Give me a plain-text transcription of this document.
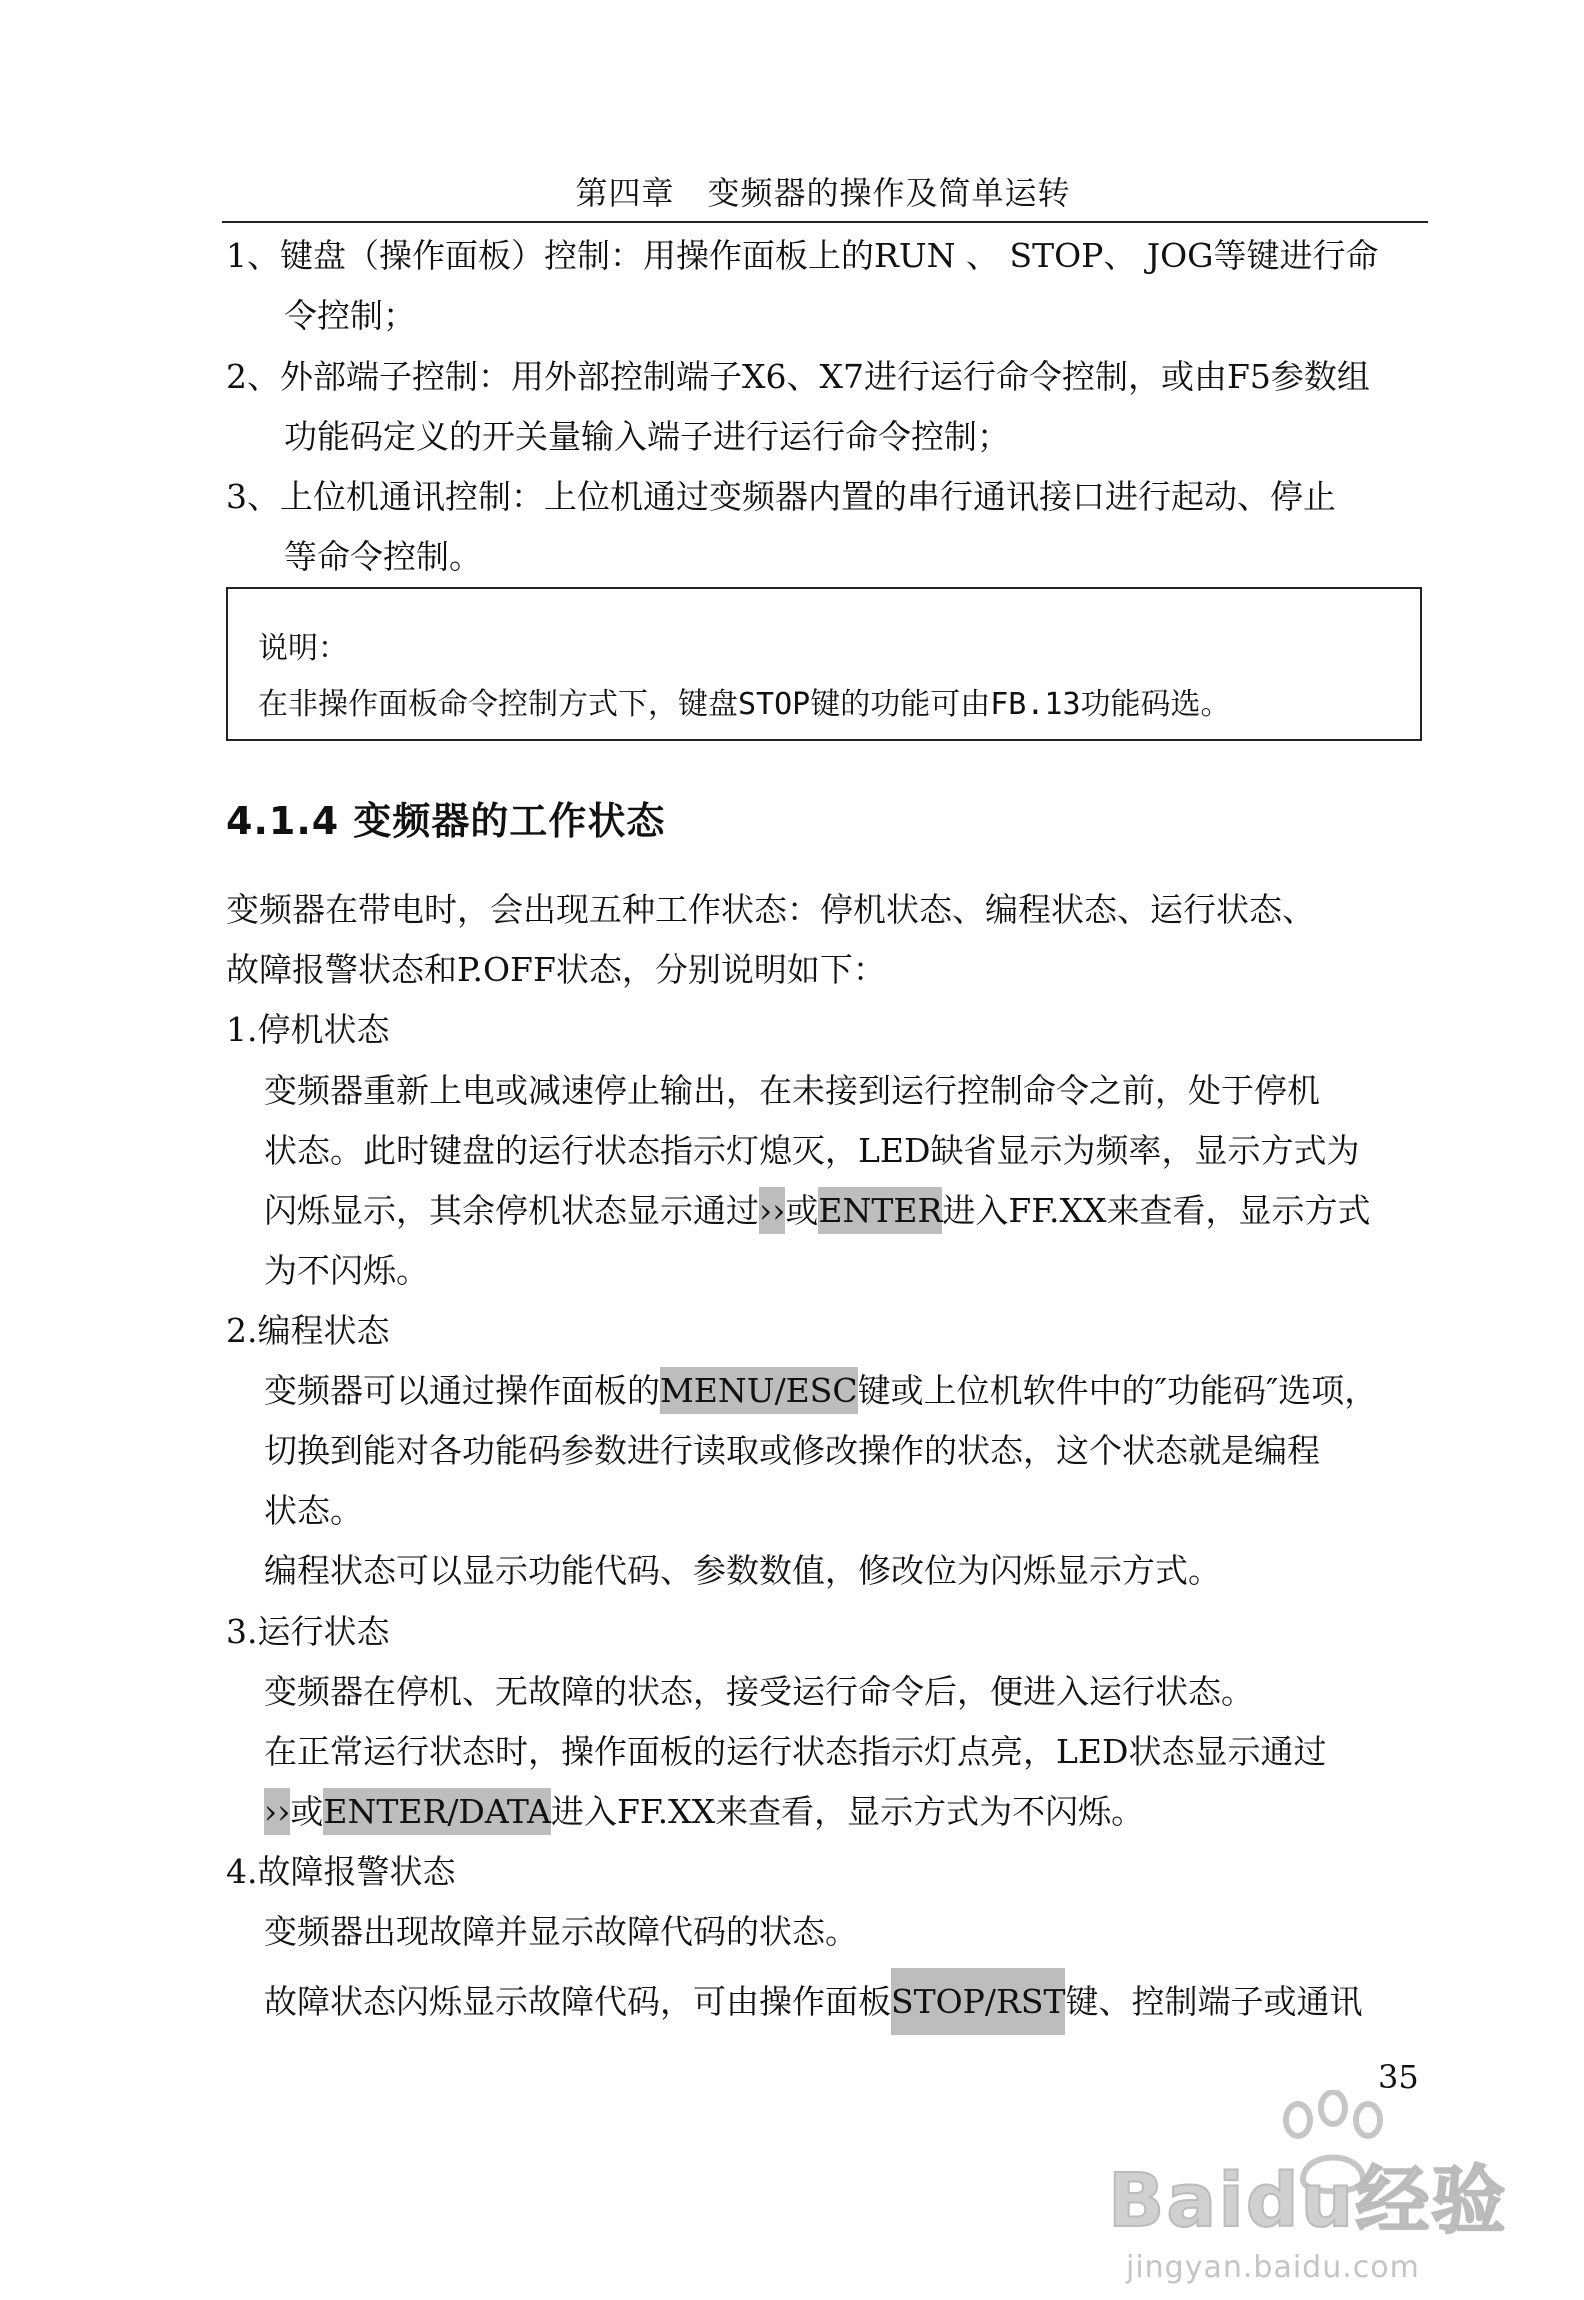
第四章　变频器的操作及简单运转
1、键盘（操作面板）控制：用操作面板上的RUN 、 STOP、 JOG等键进行命
令控制；
2、外部端子控制：用外部控制端子X6、X7进行运行命令控制，或由F5参数组
功能码定义的开关量输入端子进行运行命令控制；
3、上位机通讯控制：上位机通过变频器内置的串行通讯接口进行起动、停止
等命令控制。
说明：
在非操作面板命令控制方式下，键盘STOP键的功能可由FB.13功能码选。
4.1.4 变频器的工作状态
变频器在带电时，会出现五种工作状态：停机状态、编程状态、运行状态、
故障报警状态和P.OFF状态，分别说明如下：
1.停机状态
变频器重新上电或减速停止输出，在未接到运行控制命令之前，处于停机
状态。此时键盘的运行状态指示灯熄灭，LED缺省显示为频率，显示方式为
闪烁显示，其余停机状态显示通过››或ENTER进入FF.XX来查看，显示方式
为不闪烁。
2.编程状态
变频器可以通过操作面板的MENU/ESC键或上位机软件中的″功能码″选项，
切换到能对各功能码参数进行读取或修改操作的状态，这个状态就是编程
状态。
编程状态可以显示功能代码、参数数值，修改位为闪烁显示方式。
3.运行状态
变频器在停机、无故障的状态，接受运行命令后，便进入运行状态。
在正常运行状态时，操作面板的运行状态指示灯点亮，LED状态显示通过
››或ENTER/DATA进入FF.XX来查看，显示方式为不闪烁。
4.故障报警状态
变频器出现故障并显示故障代码的状态。
故障状态闪烁显示故障代码，可由操作面板STOP/RST键、控制端子或通讯
35
Baidu经验
jingyan.baidu.com
